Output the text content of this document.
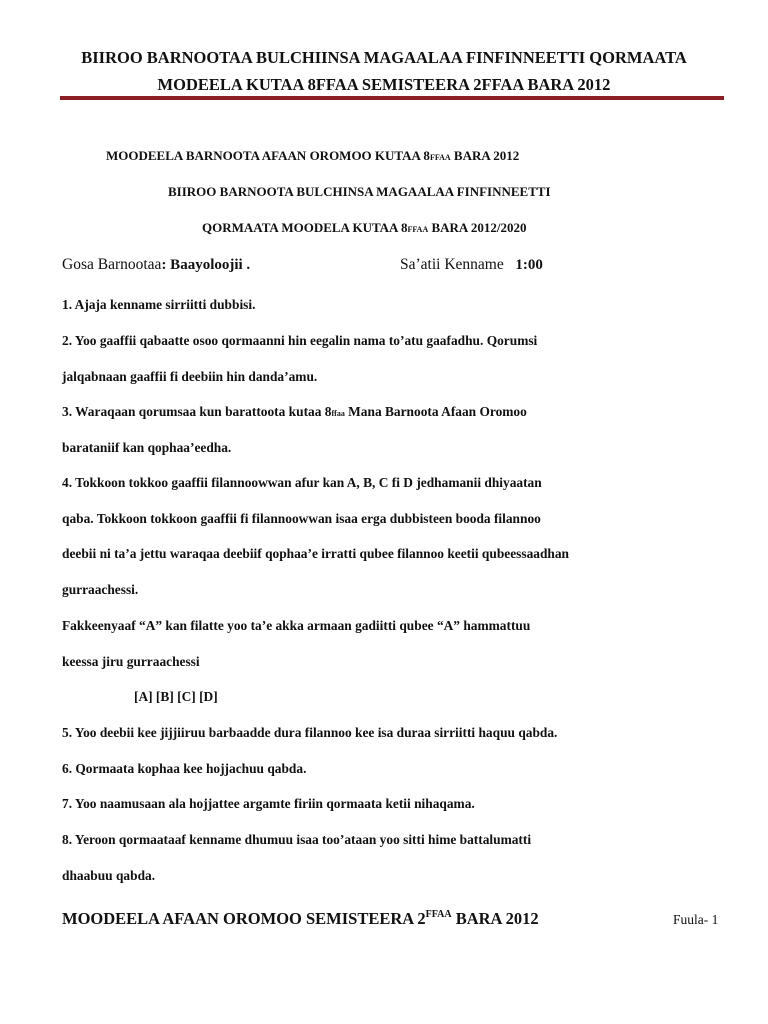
BIIROO BARNOOTAA BULCHIINSA MAGAALAA FINFINNEETTI QORMAATA
MODEELA KUTAA 8FFAA SEMISTEERA 2FFAA BARA 2012
MOODEELA BARNOOTA AFAAN OROMOO KUTAA 8FFAA BARA 2012
BIIROO BARNOOTA BULCHINSA MAGAALAA FINFINNEETTI
QORMAATA MOODELA KUTAA 8FFAA BARA 2012/2020
Gosa Barnootaa: Baayoloojii .	Sa’atii Kenname 1:00
1. Ajaja kenname sirriitti dubbisi.
2. Yoo gaaffii qabaatte osoo qormaanni hin eegalin nama to’atu gaafadhu. Qorumsi
jalqabnaan gaaffii fi deebiin hin danda’amu.
3. Waraqaan qorumsaa kun barattoota kutaa 8ffaa Mana Barnoota Afaan Oromoo
barataniif kan qophaa’eedha.
4. Tokkoon tokkoo gaaffii filannoowwan afur kan A, B, C fi D jedhamanii dhiyaatan
qaba. Tokkoon tokkoon gaaffii fi filannoowwan isaa erga dubbisteen booda filannoo
deebii ni ta’a jettu waraqaa deebiif qophaa’e irratti qubee filannoo keetii qubeessaadhan
gurraachessi.
Fakkeenyaaf “A” kan filatte yoo ta’e akka armaan gadiitti qubee “A” hammattuu
keessa jiru gurraachessi
[A] [B] [C] [D]
5. Yoo deebii kee jijjiiruu barbaadde dura filannoo kee isa duraa sirriitti haquu qabda.
6. Qormaata kophaa kee hojjachuu qabda.
7. Yoo naamusaan ala hojjattee argamte firiin qormaata ketii nihaqama.
8. Yeroon qormaataaf kenname dhumuu isaa too’ataan yoo sitti hime battalumatti
dhaabuu qabda.
MOODEELA AFAAN OROMOO SEMISTEERA $2^{FFAA}$ BARA 2012	Fuula- 1
